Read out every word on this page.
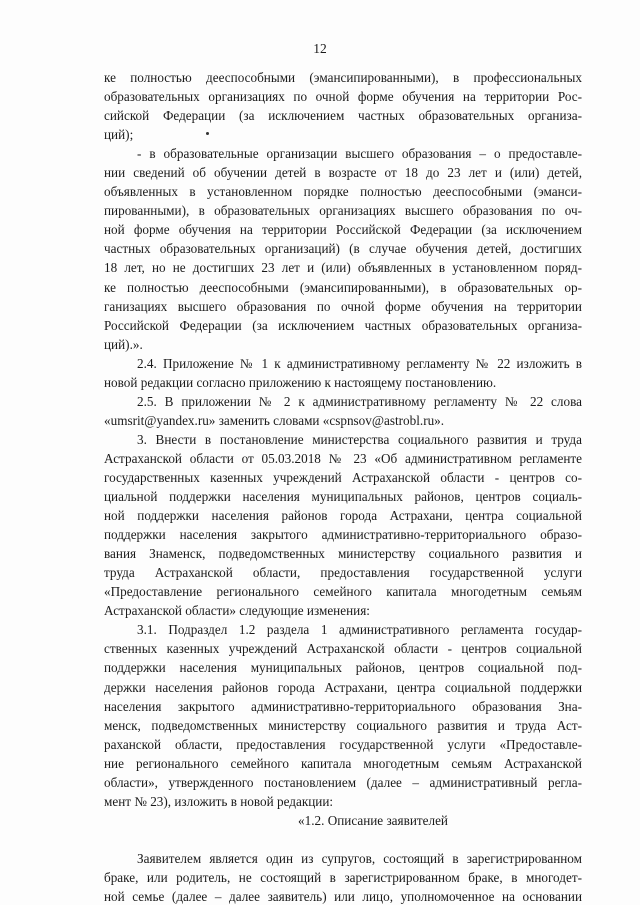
12
ке полностью дееспособными (эмансипированными), в профессиональных
образовательных организациях по очной форме обучения на территории Рос-
сийской Федерации (за исключением частных образовательных организа-
ций);
- в образовательные организации высшего образования – о предоставле-
нии сведений об обучении детей в возрасте от 18 до 23 лет и (или) детей,
объявленных в установленном порядке полностью дееспособными (эманси-
пированными), в образовательных организациях высшего образования по оч-
ной форме обучения на территории Российской Федерации (за исключением
частных образовательных организаций) (в случае обучения детей, достигших
18 лет, но не достигших 23 лет и (или) объявленных в установленном поряд-
ке полностью дееспособными (эмансипированными), в образовательных ор-
ганизациях высшего образования по очной форме обучения на территории
Российской Федерации (за исключением частных образовательных организа-
ций).».
2.4. Приложение № 1 к административному регламенту № 22 изложить в
новой редакции согласно приложению к настоящему постановлению.
2.5. В приложении № 2 к административному регламенту № 22 слова
«umsrit@yandex.ru» заменить словами «cspnsov@astrobl.ru».
3. Внести в постановление министерства социального развития и труда
Астраханской области от 05.03.2018 № 23 «Об административном регламенте
государственных казенных учреждений Астраханской области - центров со-
циальной поддержки населения муниципальных районов, центров социаль-
ной поддержки населения районов города Астрахани, центра социальной
поддержки населения закрытого административно-территориального образо-
вания Знаменск, подведомственных министерству социального развития и
труда Астраханской области, предоставления государственной услуги
«Предоставление регионального семейного капитала многодетным семьям
Астраханской области» следующие изменения:
3.1. Подраздел 1.2 раздела 1 административного регламента государ-
ственных казенных учреждений Астраханской области - центров социальной
поддержки населения муниципальных районов, центров социальной под-
держки населения районов города Астрахани, центра социальной поддержки
населения закрытого административно-территориального образования Зна-
менск, подведомственных министерству социального развития и труда Аст-
раханской области, предоставления государственной услуги «Предоставле-
ние регионального семейного капитала многодетным семьям Астраханской
области», утвержденного постановлением (далее – административный регла-
мент № 23), изложить в новой редакции:
«1.2. Описание заявителей
Заявителем является один из супругов, состоящий в зарегистрированном
браке, или родитель, не состоящий в зарегистрированном браке, в многодет-
ной семье (далее – далее заявитель) или лицо, уполномоченное на основании
